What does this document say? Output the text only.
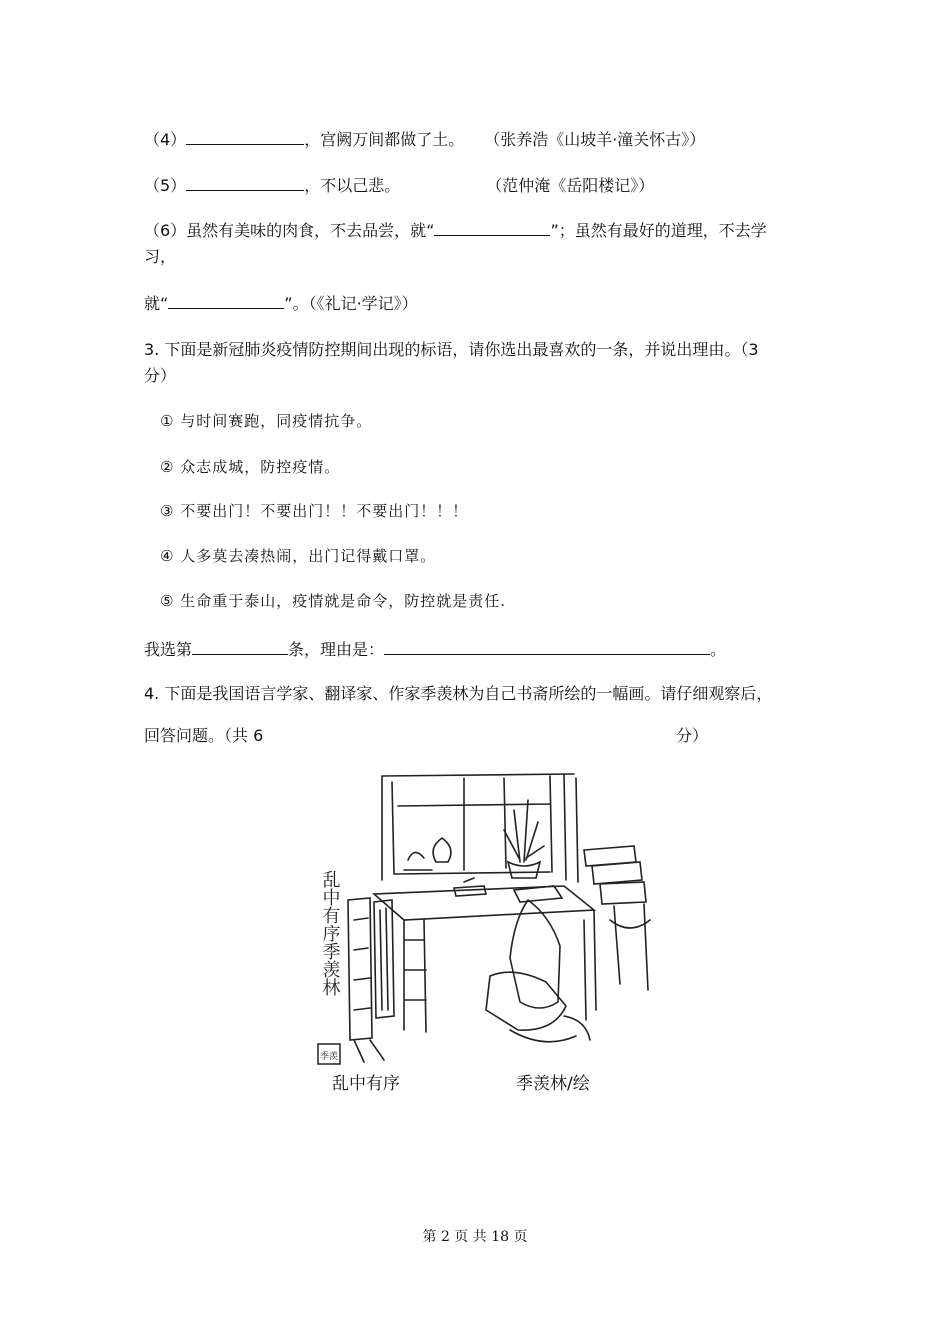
（4）	，宫阙万间都做了土。 （张养浩《山坡羊·潼关怀古》）
（5）	，不以己悲。	（范仲淹《岳阳楼记》）
（6）虽然有美味的肉食，不去品尝，就“	”；虽然有最好的道理，不去学
习，
就“	”。（《礼记·学记》）
3. 下面是新冠肺炎疫情防控期间出现的标语，请你选出最喜欢的一条，并说出理由。（3
分）
① 与时间赛跑，同疫情抗争。
② 众志成城，防控疫情。
③ 不要出门！不要出门！！不要出门！！！
④ 人多莫去凑热闹，出门记得戴口罩。
⑤ 生命重于泰山，疫情就是命令，防控就是责任.
我选第	条，理由是：	。
4. 下面是我国语言学家、翻译家、作家季羡林为自己书斋所绘的一幅画。请仔细观察后，
回答问题。（共 6	分）
乱中有序季羡林
季羡
乱中有序	季羡林/绘
第 2 页 共 18 页
